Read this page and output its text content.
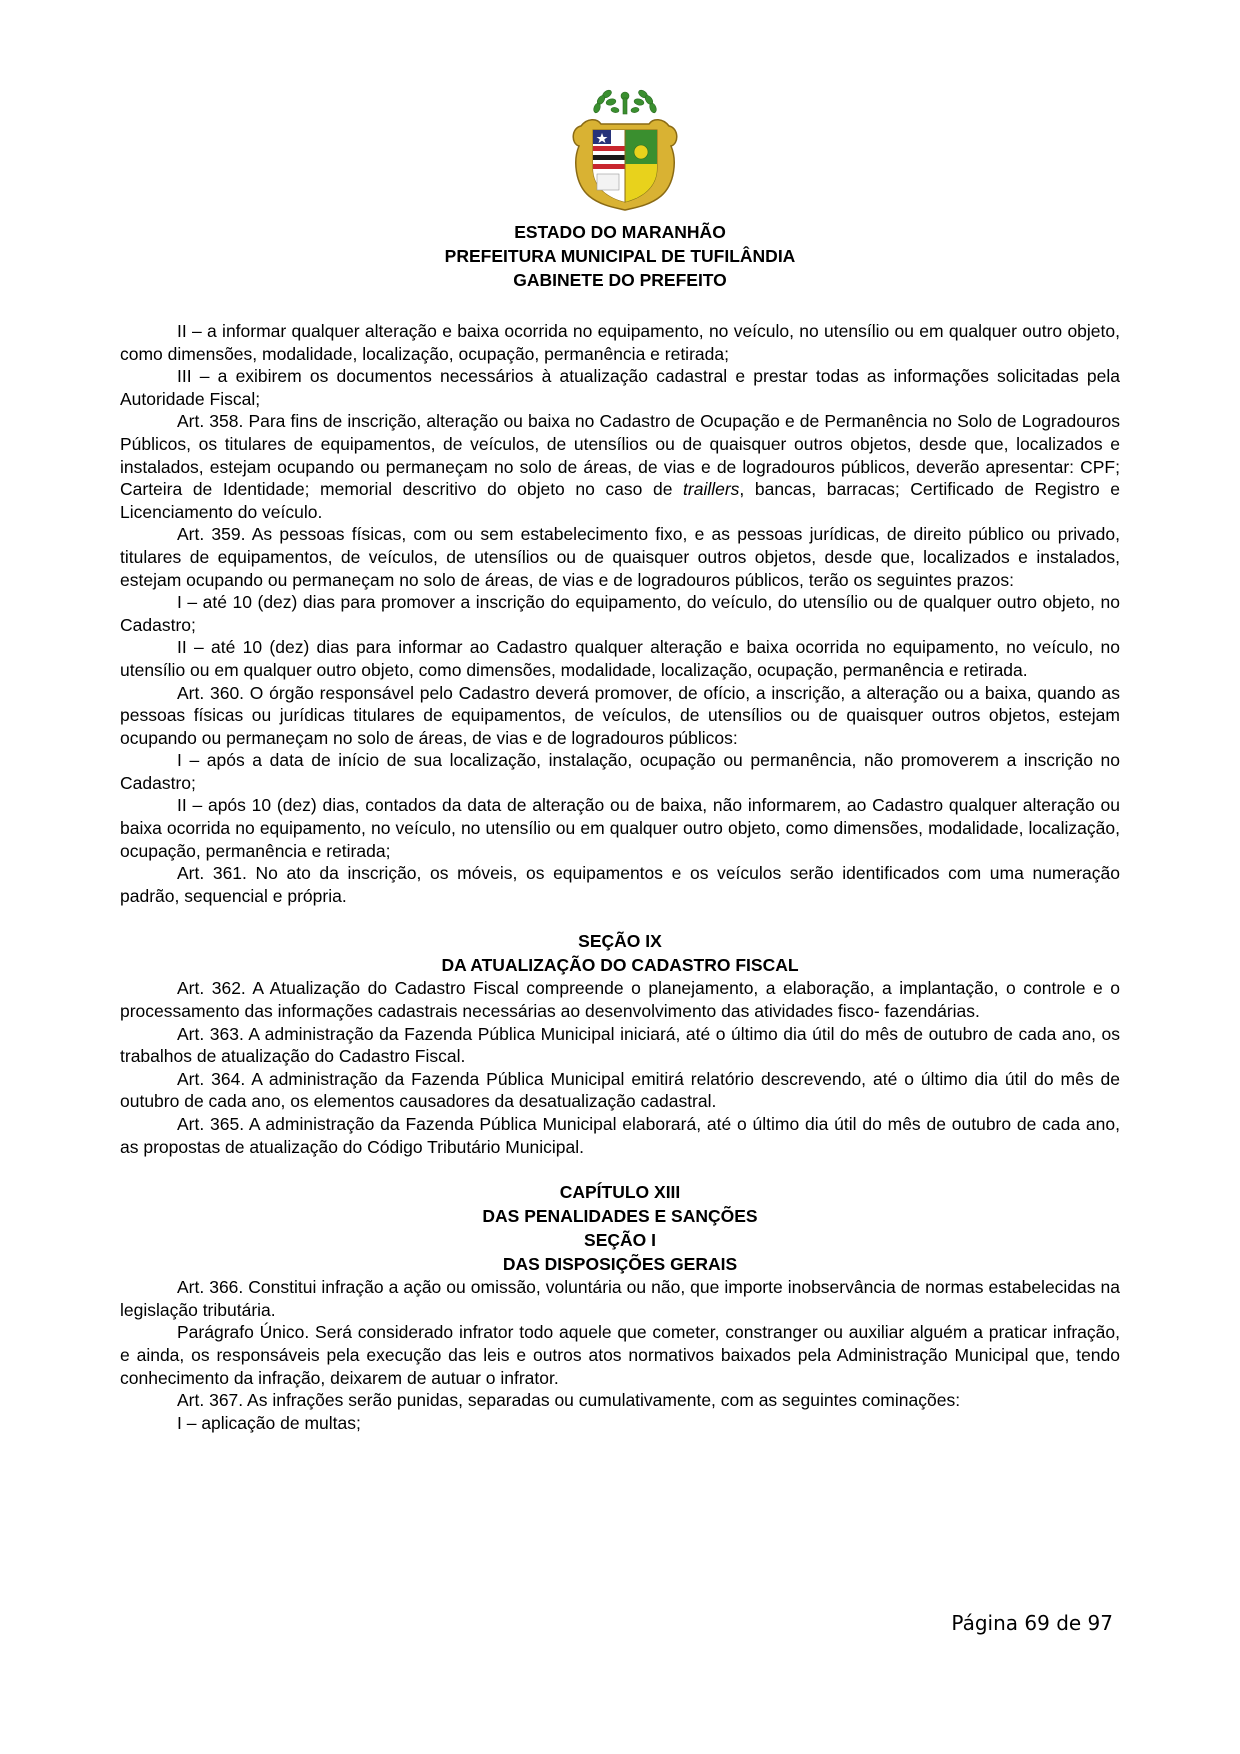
ESTADO DO MARANHÃO
PREFEITURA MUNICIPAL DE TUFILÂNDIA
GABINETE DO PREFEITO

II – a informar qualquer alteração e baixa ocorrida no equipamento, no veículo, no utensílio ou em qualquer outro objeto, como dimensões, modalidade, localização, ocupação, permanência e retirada;

III – a exibirem os documentos necessários à atualização cadastral e prestar todas as informações solicitadas pela Autoridade Fiscal;

Art. 358. Para fins de inscrição, alteração ou baixa no Cadastro de Ocupação e de Permanência no Solo de Logradouros Públicos, os titulares de equipamentos, de veículos, de utensílios ou de quaisquer outros objetos, desde que, localizados e instalados, estejam ocupando ou permaneçam no solo de áreas, de vias e de logradouros públicos, deverão apresentar: CPF; Carteira de Identidade; memorial descritivo do objeto no caso de traillers, bancas, barracas; Certificado de Registro e Licenciamento do veículo.

Art. 359. As pessoas físicas, com ou sem estabelecimento fixo, e as pessoas jurídicas, de direito público ou privado, titulares de equipamentos, de veículos, de utensílios ou de quaisquer outros objetos, desde que, localizados e instalados, estejam ocupando ou permaneçam no solo de áreas, de vias e de logradouros públicos, terão os seguintes prazos:

I – até 10 (dez) dias para promover a inscrição do equipamento, do veículo, do utensílio ou de qualquer outro objeto, no Cadastro;

II – até 10 (dez) dias para informar ao Cadastro qualquer alteração e baixa ocorrida no equipamento, no veículo, no utensílio ou em qualquer outro objeto, como dimensões, modalidade, localização, ocupação, permanência e retirada.

Art. 360. O órgão responsável pelo Cadastro deverá promover, de ofício, a inscrição, a alteração ou a baixa, quando as pessoas físicas ou jurídicas titulares de equipamentos, de veículos, de utensílios ou de quaisquer outros objetos, estejam ocupando ou permaneçam no solo de áreas, de vias e de logradouros públicos:

I – após a data de início de sua localização, instalação, ocupação ou permanência, não promoverem a inscrição no Cadastro;

II – após 10 (dez) dias, contados da data de alteração ou de baixa, não informarem, ao Cadastro qualquer alteração ou baixa ocorrida no equipamento, no veículo, no utensílio ou em qualquer outro objeto, como dimensões, modalidade, localização, ocupação, permanência e retirada;

Art. 361. No ato da inscrição, os móveis, os equipamentos e os veículos serão identificados com uma numeração padrão, sequencial e própria.

SEÇÃO IX

DA ATUALIZAÇÃO DO CADASTRO FISCAL

Art. 362. A Atualização do Cadastro Fiscal compreende o planejamento, a elaboração, a implantação, o controle e o processamento das informações cadastrais necessárias ao desenvolvimento das atividades fisco- fazendárias.

Art. 363. A administração da Fazenda Pública Municipal iniciará, até o último dia útil do mês de outubro de cada ano, os trabalhos de atualização do Cadastro Fiscal.

Art. 364. A administração da Fazenda Pública Municipal emitirá relatório descrevendo, até o último dia útil do mês de outubro de cada ano, os elementos causadores da desatualização cadastral.

Art. 365. A administração da Fazenda Pública Municipal elaborará, até o último dia útil do mês de outubro de cada ano, as propostas de atualização do Código Tributário Municipal.

CAPÍTULO XIII

DAS PENALIDADES E SANÇÕES

SEÇÃO I

DAS DISPOSIÇÕES GERAIS

Art. 366. Constitui infração a ação ou omissão, voluntária ou não, que importe inobservância de normas estabelecidas na legislação tributária.

Parágrafo Único. Será considerado infrator todo aquele que cometer, constranger ou auxiliar alguém a praticar infração, e ainda, os responsáveis pela execução das leis e outros atos normativos baixados pela Administração Municipal que, tendo conhecimento da infração, deixarem de autuar o infrator.

Art. 367. As infrações serão punidas, separadas ou cumulativamente, com as seguintes cominações:

I – aplicação de multas;

Página 69 de 97
